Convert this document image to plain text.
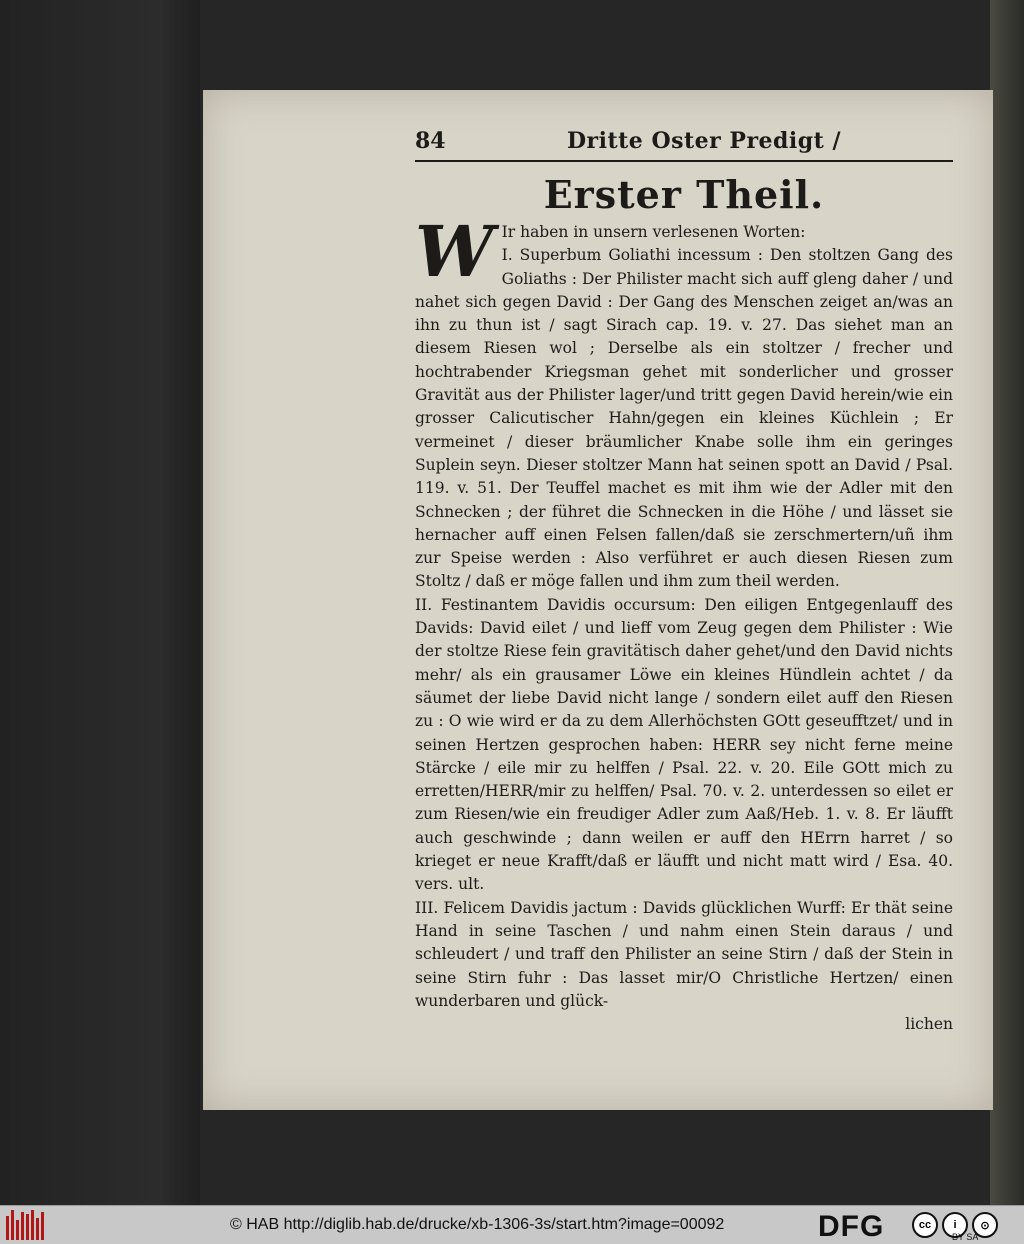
84	Dritte Oster Predigt /
Erster Theil.
W Ir haben in unsern verlesenen Worten:

I. Superbum Goliathi incessum : Den stoltzen Gang des Goliaths : Der Philister macht sich auff gleng daher / und nahet sich gegen David : Der Gang des Menschen zeiget an/was an ihn zu thun ist / sagt Sirach cap. 19. v. 27. Das siehet man an diesem Riesen wol ; Derselbe als ein stoltzer / frecher und hochtrabender Kriegsman gehet mit sonderlicher und grosser Gravität aus der Philister lager/und tritt gegen David herein/wie ein grosser Calicutischer Hahn/gegen ein kleines Küchlein ; Er vermeinet / dieser bräumlicher Knabe solle ihm ein geringes Suplein seyn. Dieser stoltzer Mann hat seinen spott an David / Psal. 119. v. 51. Der Teuffel machet es mit ihm wie der Adler mit den Schnecken ; der führet die Schnecken in die Höhe / und lässet sie hernacher auff einen Felsen fallen/daß sie zerschmertern/uñ ihm zur Speise werden : Also verführet er auch diesen Riesen zum Stoltz / daß er möge fallen und ihm zum theil werden.

II. Festinantem Davidis occursum: Den eiligen Entgegenlauff des Davids: David eilet / und lieff vom Zeug gegen dem Philister : Wie der stoltze Riese fein gravitätisch daher gehet/und den David nichts mehr/ als ein grausamer Löwe ein kleines Hündlein achtet / da säumet der liebe David nicht lange / sondern eilet auff den Riesen zu : O wie wird er da zu dem Allerhöchsten GOtt geseufftzet/ und in seinen Hertzen gesprochen haben: HERR sey nicht ferne meine Stärcke / eile mir zu helffen / Psal. 22. v. 20. Eile GOtt mich zu erretten/HERR/mir zu helffen/ Psal. 70. v. 2. unterdessen so eilet er zum Riesen/wie ein freudiger Adler zum Aaß/Heb. 1. v. 8. Er läufft auch geschwinde ; dann weilen er auff den HErrn harret / so krieget er neue Krafft/daß er läufft und nicht matt wird / Esa. 40. vers. ult.

III. Felicem Davidis jactum : Davids glücklichen Wurff: Er thät seine Hand in seine Taschen / und nahm einen Stein daraus / und schleudert / und traff den Philister an seine Stirn / daß der Stein in seine Stirn fuhr : Das lasset mir/O Christliche Hertzen/ einen wunderbaren und glück-

lichen

© HAB http://diglib.hab.de/drucke/xb-1306-3s/start.htm?image=00092	DFG	cc	i	⊙
BY SA
